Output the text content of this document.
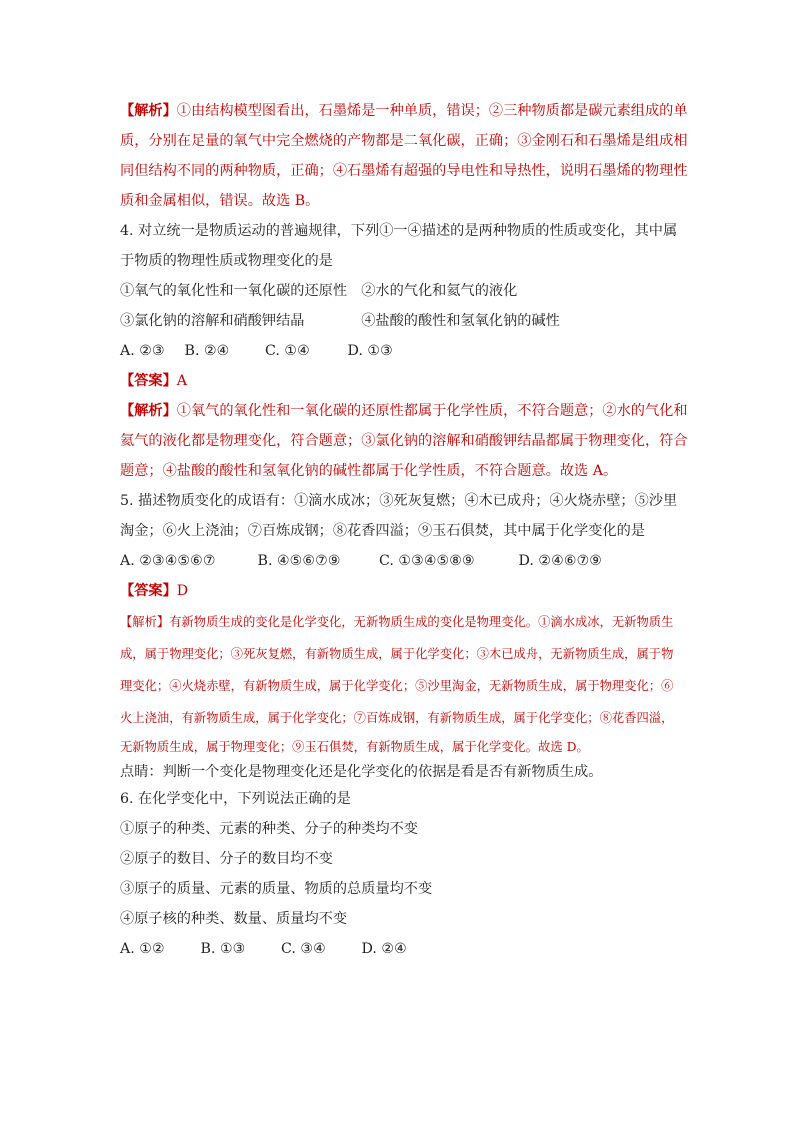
【解析】①由结构模型图看出，石墨烯是一种单质，错误；②三种物质都是碳元素组成的单
质，分别在足量的氧气中完全燃烧的产物都是二氧化碳，正确；③金刚石和石墨烯是组成相
同但结构不同的两种物质，正确；④石墨烯有超强的导电性和导热性，说明石墨烯的物理性
质和金属相似，错误。故选 B。
4. 对立统一是物质运动的普遍规律，下列①一④描述的是两种物质的性质或变化，其中属
于物质的物理性质或物理变化的是
①氧气的氧化性和一氧化碳的还原性　②水的气化和氦气的液化
③氯化钠的溶解和硝酸钾结晶　　　　④盐酸的酸性和氢氧化钠的碱性
A. ②③ B. ②④	C. ①④	D. ①③
【答案】A
【解析】①氧气的氧化性和一氧化碳的还原性都属于化学性质，不符合题意；②水的气化和
氦气的液化都是物理变化，符合题意；③氯化钠的溶解和硝酸钾结晶都属于物理变化，符合
题意；④盐酸的酸性和氢氧化钠的碱性都属于化学性质，不符合题意。故选 A。
5. 描述物质变化的成语有：①滴水成冰；③死灰复燃；④木已成舟；④火烧赤壁；⑤沙里
淘金；⑥火上浇油；⑦百炼成钢；⑧花香四溢；⑨玉石俱焚，其中属于化学变化的是
A. ②③④⑤⑥⑦	B. ④⑤⑥⑦⑨	C. ①③④⑤⑧⑨	D. ②④⑥⑦⑨
【答案】D
【解析】有新物质生成的变化是化学变化，无新物质生成的变化是物理变化。①滴水成冰，无新物质生
成，属于物理变化；③死灰复燃，有新物质生成，属于化学变化；③木已成舟，无新物质生成，属于物
理变化；④火烧赤壁，有新物质生成，属于化学变化；⑤沙里淘金，无新物质生成，属于物理变化；⑥
火上浇油，有新物质生成，属于化学变化；⑦百炼成钢，有新物质生成，属于化学变化；⑧花香四溢，
无新物质生成，属于物理变化；⑨玉石俱焚，有新物质生成，属于化学变化。故选 D。
点睛：判断一个变化是物理变化还是化学变化的依据是看是否有新物质生成。
6. 在化学变化中，下列说法正确的是
①原子的种类、元素的种类、分子的种类均不变
②原子的数目、分子的数目均不变
③原子的质量、元素的质量、物质的总质量均不变
④原子核的种类、数量、质量均不变
A. ①②	B. ①③	C. ③④	D. ②④
